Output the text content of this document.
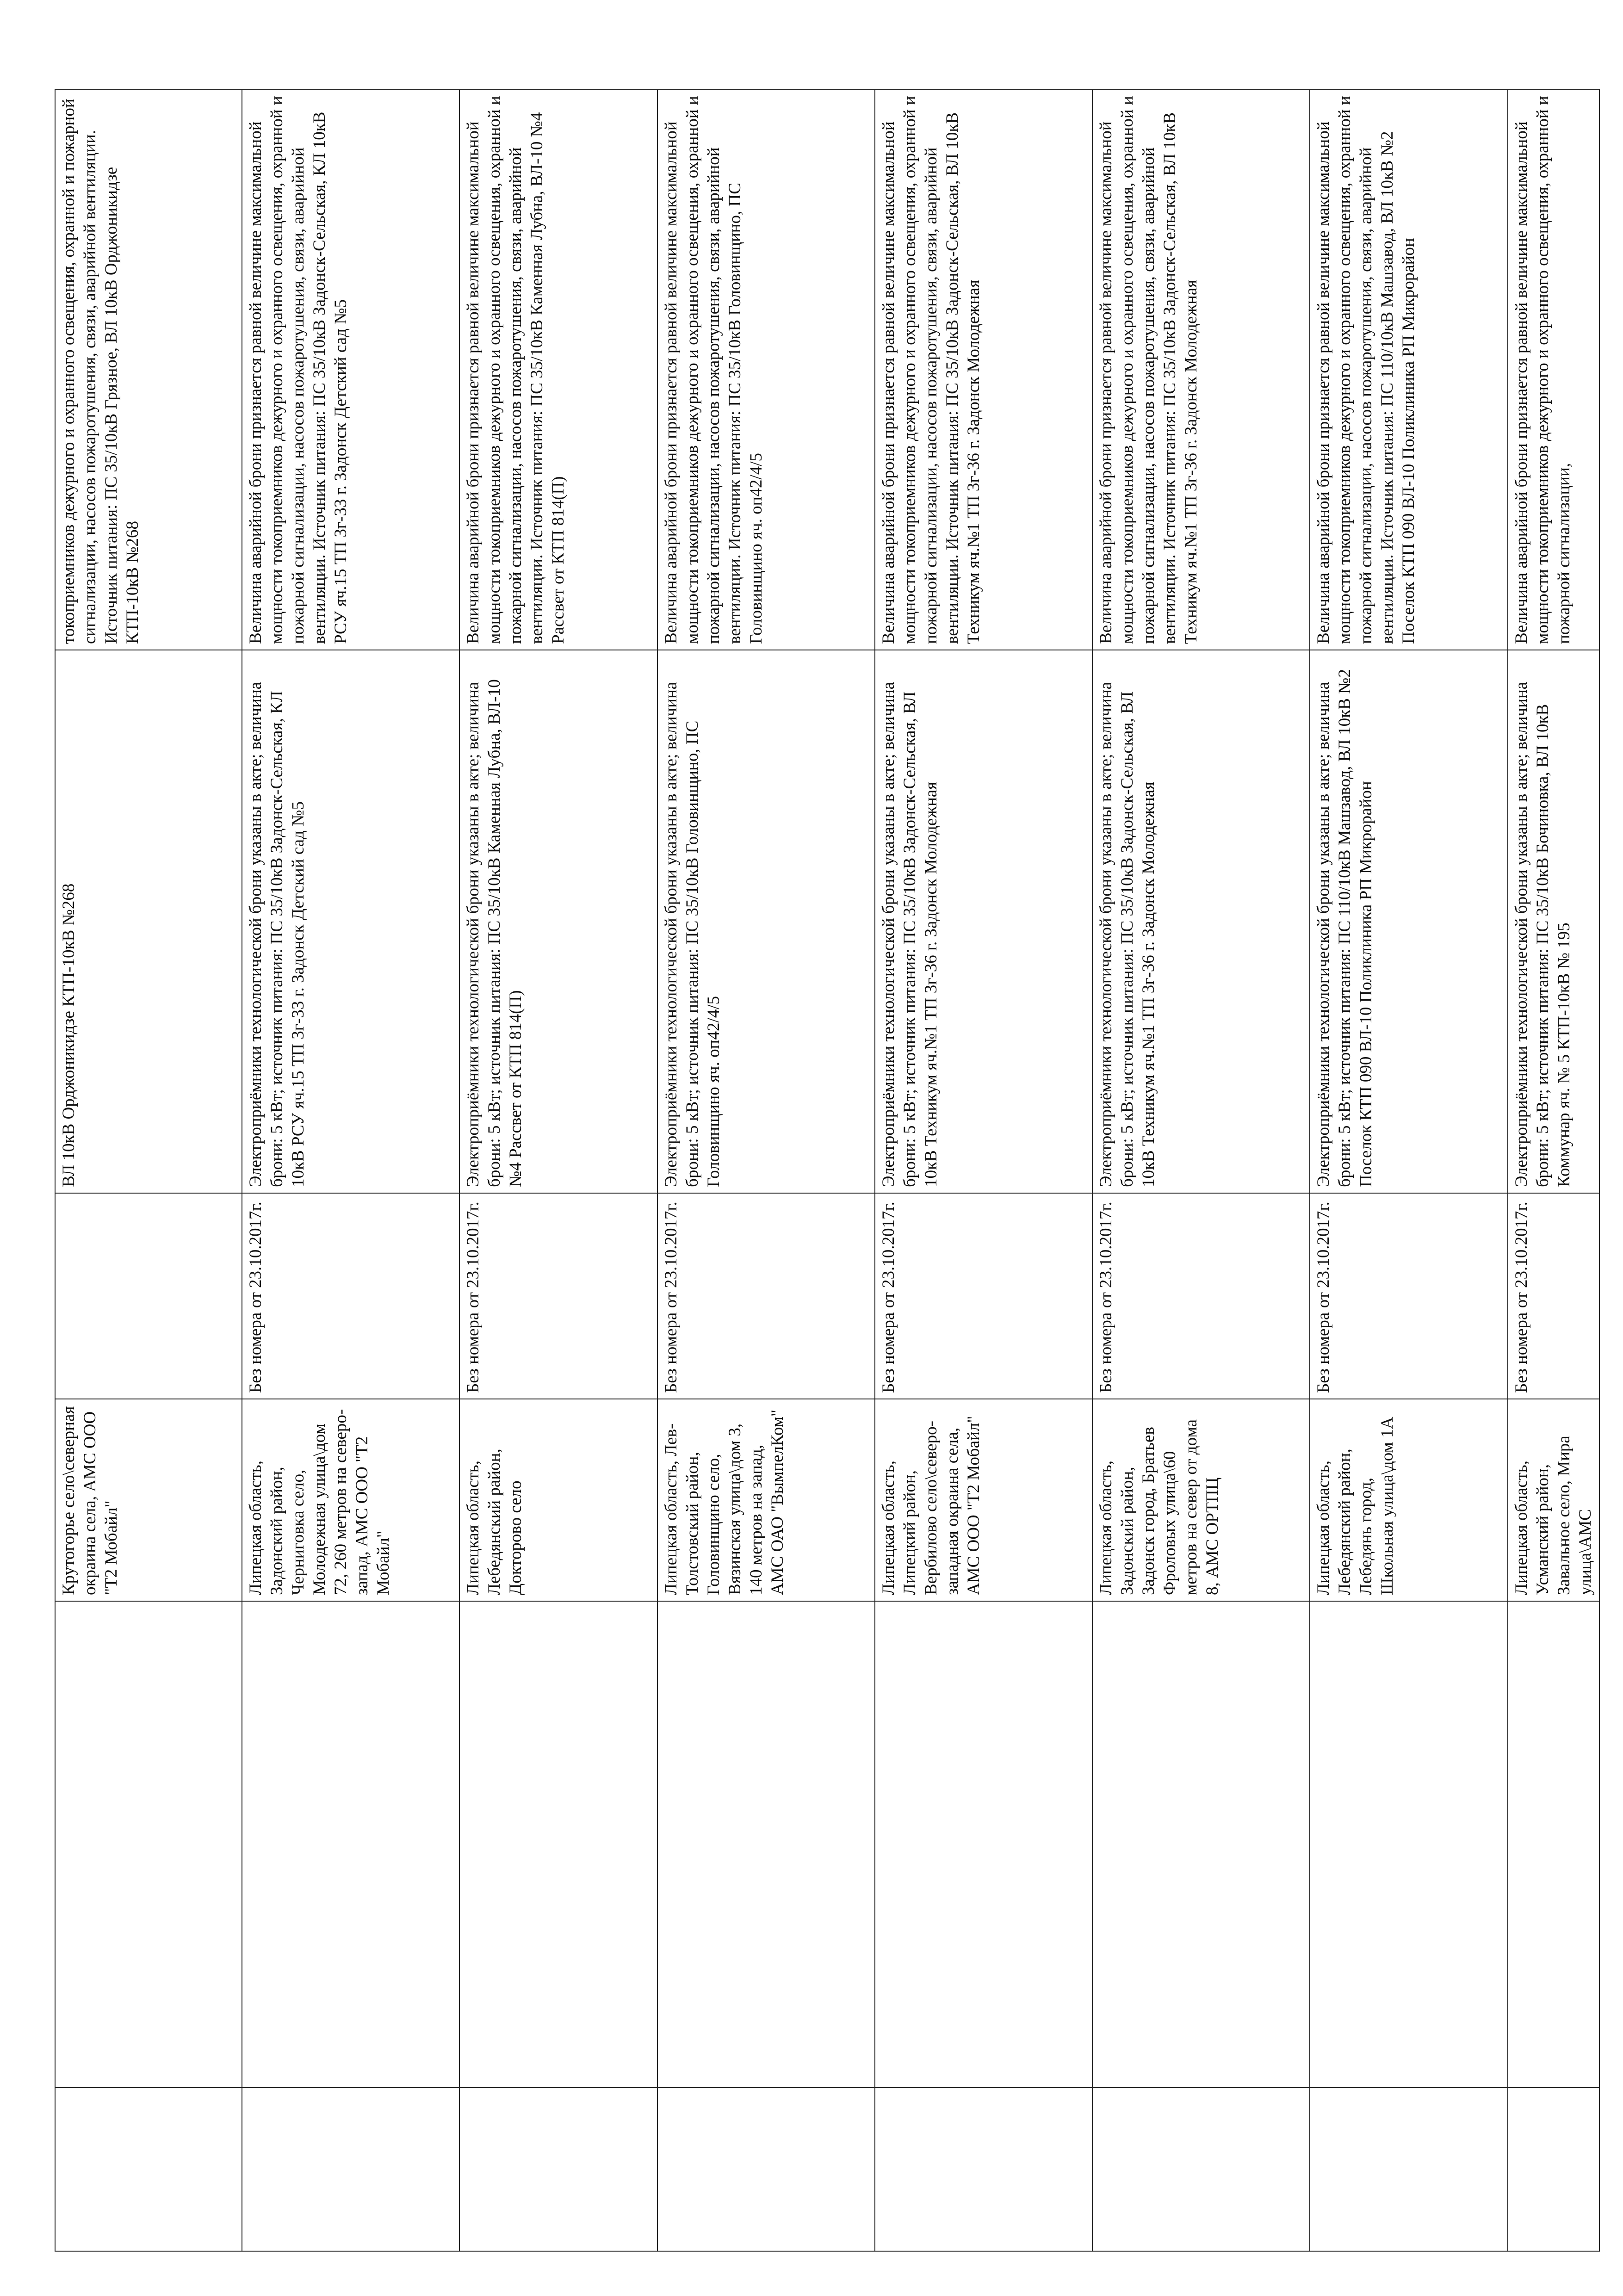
		Крутогорье село\северная окраина села, АМС ООО "Т2 Мобайл"		ВЛ 10кВ Орджоникидзе КТП-10кВ №268	токоприемников дежурного и охранного освещения, охранной и пожарной сигнализации, насосов пожаротушения, связи, аварийной вентиляции. Источник питания: ПС 35/10кВ Грязное, ВЛ 10кВ Орджоникидзе КТП-10кВ №268
		Липецкая область, Задонский район, Черниговка село, Молодежная улица\дом 72, 260 метров на северо-запад, АМС ООО "Т2 Мобайл"	Без номера от 23.10.2017г.	Электроприёмники технологической брони указаны в акте; величина брони: 5 кВт; источник питания: ПС 35/10кВ Задонск-Сельская, КЛ 10кВ РСУ яч.15 ТП 3г-33 г. Задонск Детский сад №5	Величина аварийной брони признается равной величине максимальной мощности токоприемников дежурного и охранного освещения, охранной и пожарной сигнализации, насосов пожаротушения, связи, аварийной вентиляции. Источник питания: ПС 35/10кВ Задонск-Сельская, КЛ 10кВ РСУ яч.15 ТП 3г-33 г. Задонск Детский сад №5
		Липецкая область, Лебедянский район, Докторово село	Без номера от 23.10.2017г.	Электроприёмники технологической брони указаны в акте; величина брони: 5 кВт; источник питания: ПС 35/10кВ Каменная Лубна, ВЛ-10 №4 Рассвет от КТП 814(П)	Величина аварийной брони признается равной величине максимальной мощности токоприемников дежурного и охранного освещения, охранной и пожарной сигнализации, насосов пожаротушения, связи, аварийной вентиляции. Источник питания: ПС 35/10кВ Каменная Лубна, ВЛ-10 №4 Рассвет от КТП 814(П)
		Липецкая область, Лев-Толстовский район, Головинщино село, Вязинская улица\дом 3, 140 метров на запад, АМС ОАО "ВымпелКом"	Без номера от 23.10.2017г.	Электроприёмники технологической брони указаны в акте; величина брони: 5 кВт; источник питания: ПС 35/10кВ Головинщино, ПС Головинщино яч. оп42/4/5	Величина аварийной брони признается равной величине максимальной мощности токоприемников дежурного и охранного освещения, охранной и пожарной сигнализации, насосов пожаротушения, связи, аварийной вентиляции. Источник питания: ПС 35/10кВ Головинщино, ПС Головинщино яч. оп42/4/5
		Липецкая область, Липецкий район, Вербилово село\северо-западная окраина села, АМС ООО "Т2 Мобайл"	Без номера от 23.10.2017г.	Электроприёмники технологической брони указаны в акте; величина брони: 5 кВт; источник питания: ПС 35/10кВ Задонск-Сельская, ВЛ 10кВ Техникум яч.№1 ТП 3г-36 г. Задонск Молодежная	Величина аварийной брони признается равной величине максимальной мощности токоприемников дежурного и охранного освещения, охранной и пожарной сигнализации, насосов пожаротушения, связи, аварийной вентиляции. Источник питания: ПС 35/10кВ Задонск-Сельская, ВЛ 10кВ Техникум яч.№1 ТП 3г-36 г. Задонск Молодежная
		Липецкая область, Задонский район, Задонск город, Братьев Фроловых улица\60 метров на север от дома 8, АМС ОРТПЦ	Без номера от 23.10.2017г.	Электроприёмники технологической брони указаны в акте; величина брони: 5 кВт; источник питания: ПС 35/10кВ Задонск-Сельская, ВЛ 10кВ Техникум яч.№1 ТП 3г-36 г. Задонск Молодежная	Величина аварийной брони признается равной величине максимальной мощности токоприемников дежурного и охранного освещения, охранной и пожарной сигнализации, насосов пожаротушения, связи, аварийной вентиляции. Источник питания: ПС 35/10кВ Задонск-Сельская, ВЛ 10кВ Техникум яч.№1 ТП 3г-36 г. Задонск Молодежная
		Липецкая область, Лебедянский район, Лебедянь город, Школьная улица\дом 1А	Без номера от 23.10.2017г.	Электроприёмники технологической брони указаны в акте; величина брони: 5 кВт; источник питания: ПС 110/10кВ Машзавод, ВЛ 10кВ №2 Поселок КТП 090 ВЛ-10 Поликлиника РП Микрорайон	Величина аварийной брони признается равной величине максимальной мощности токоприемников дежурного и охранного освещения, охранной и пожарной сигнализации, насосов пожаротушения, связи, аварийной вентиляции. Источник питания: ПС 110/10кВ Машзавод, ВЛ 10кВ №2 Поселок КТП 090 ВЛ-10 Поликлиника РП Микрорайон
		Липецкая область, Усманский район, Завальное село, Мира улица\АМС	Без номера от 23.10.2017г.	Электроприёмники технологической брони указаны в акте; величина брони: 5 кВт; источник питания: ПС 35/10кВ Бочиновка, ВЛ 10кВ Коммунар яч. № 5 КТП-10кВ № 195	Величина аварийной брони признается равной величине максимальной мощности токоприемников дежурного и охранного освещения, охранной и пожарной сигнализации,
